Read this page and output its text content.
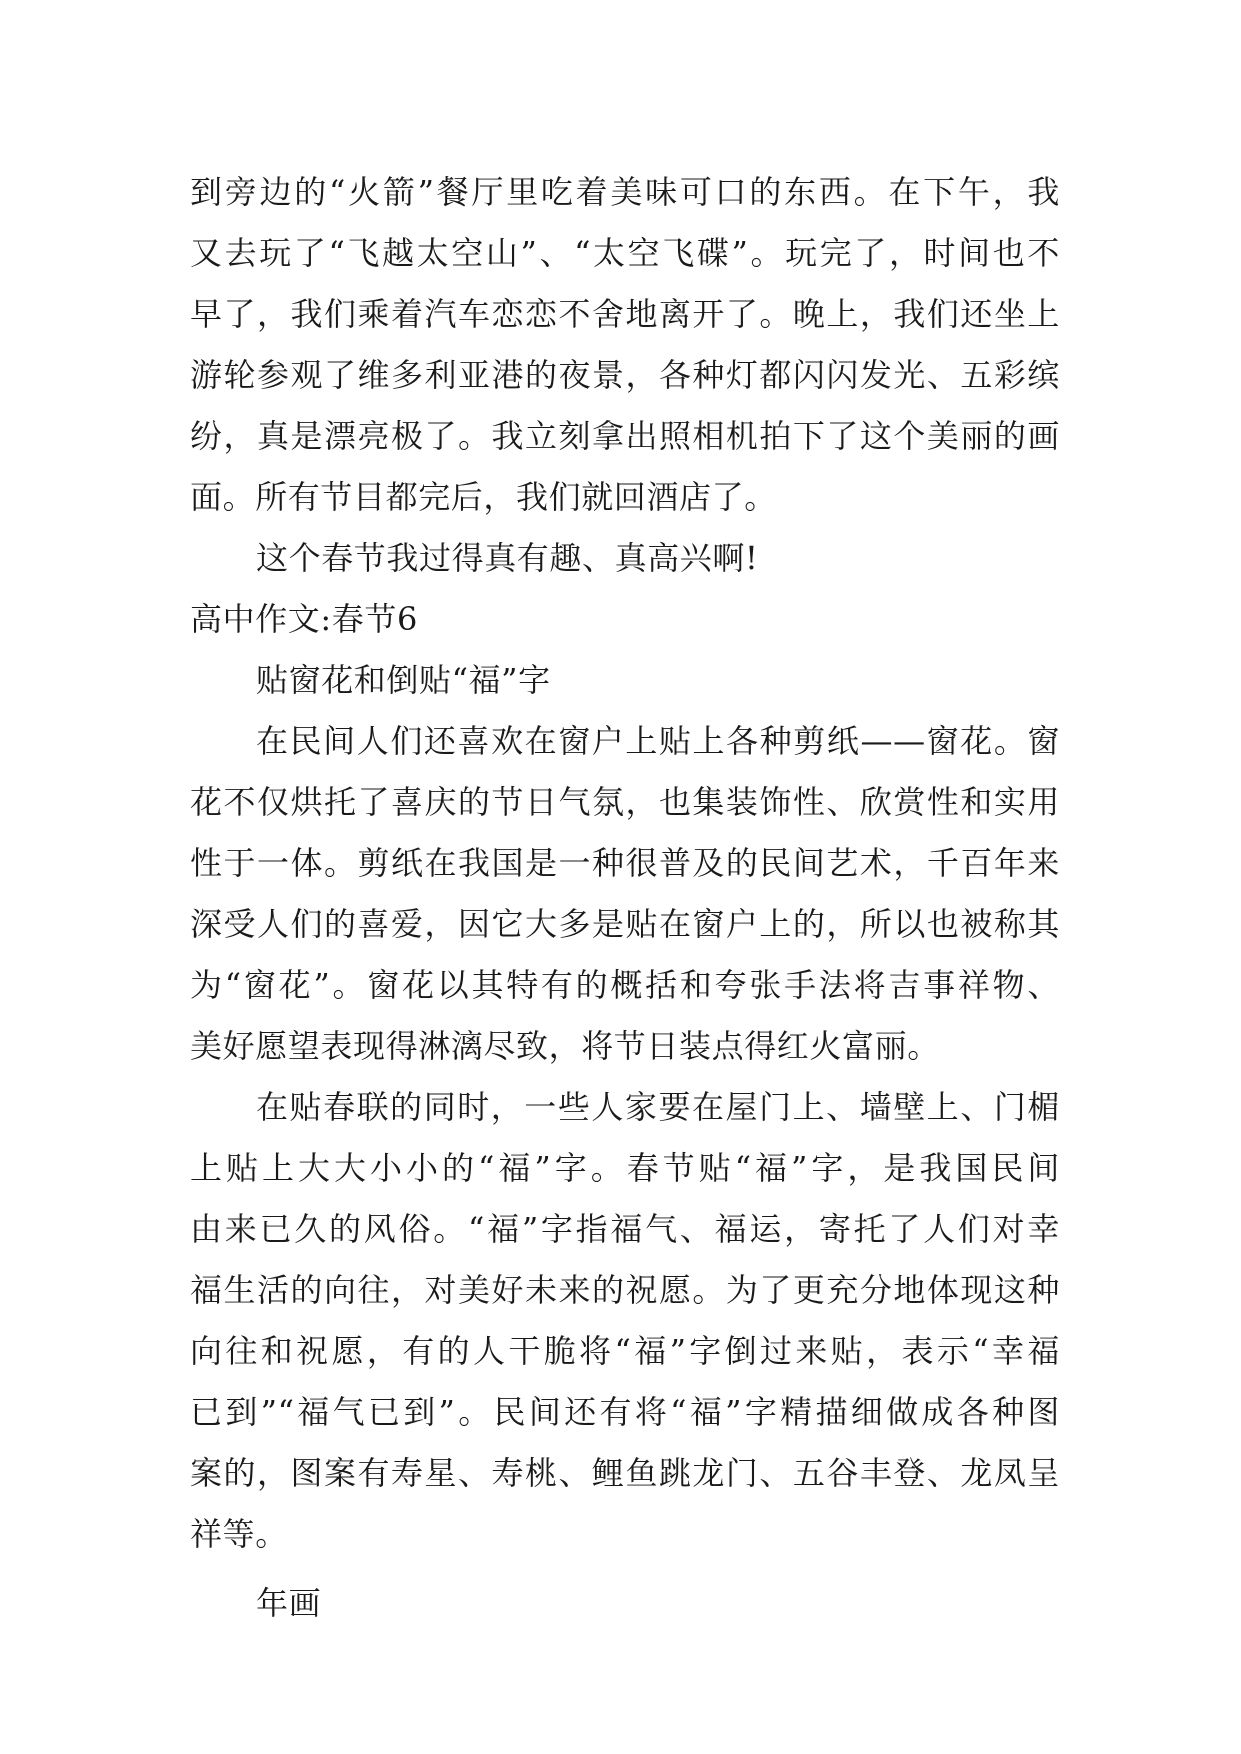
到旁边的“火箭”餐厅里吃着美味可口的东西。在下午，我
又去玩了“飞越太空山”、“太空飞碟”。玩完了，时间也不
早了，我们乘着汽车恋恋不舍地离开了。晚上，我们还坐上
游轮参观了维多利亚港的夜景，各种灯都闪闪发光、五彩缤
纷，真是漂亮极了。我立刻拿出照相机拍下了这个美丽的画
面。所有节目都完后，我们就回酒店了。
这个春节我过得真有趣、真高兴啊!
高中作文:春节6
贴窗花和倒贴“福”字
在民间人们还喜欢在窗户上贴上各种剪纸——窗花。窗
花不仅烘托了喜庆的节日气氛，也集装饰性、欣赏性和实用
性于一体。剪纸在我国是一种很普及的民间艺术，千百年来
深受人们的喜爱，因它大多是贴在窗户上的，所以也被称其
为“窗花”。窗花以其特有的概括和夸张手法将吉事祥物、
美好愿望表现得淋漓尽致，将节日装点得红火富丽。
在贴春联的同时，一些人家要在屋门上、墙壁上、门楣
上贴上大大小小的“福”字。春节贴“福”字，是我国民间
由来已久的风俗。“福”字指福气、福运，寄托了人们对幸
福生活的向往，对美好未来的祝愿。为了更充分地体现这种
向往和祝愿，有的人干脆将“福”字倒过来贴，表示“幸福
已到”“福气已到”。民间还有将“福”字精描细做成各种图
案的，图案有寿星、寿桃、鲤鱼跳龙门、五谷丰登、龙凤呈
祥等。
年画
